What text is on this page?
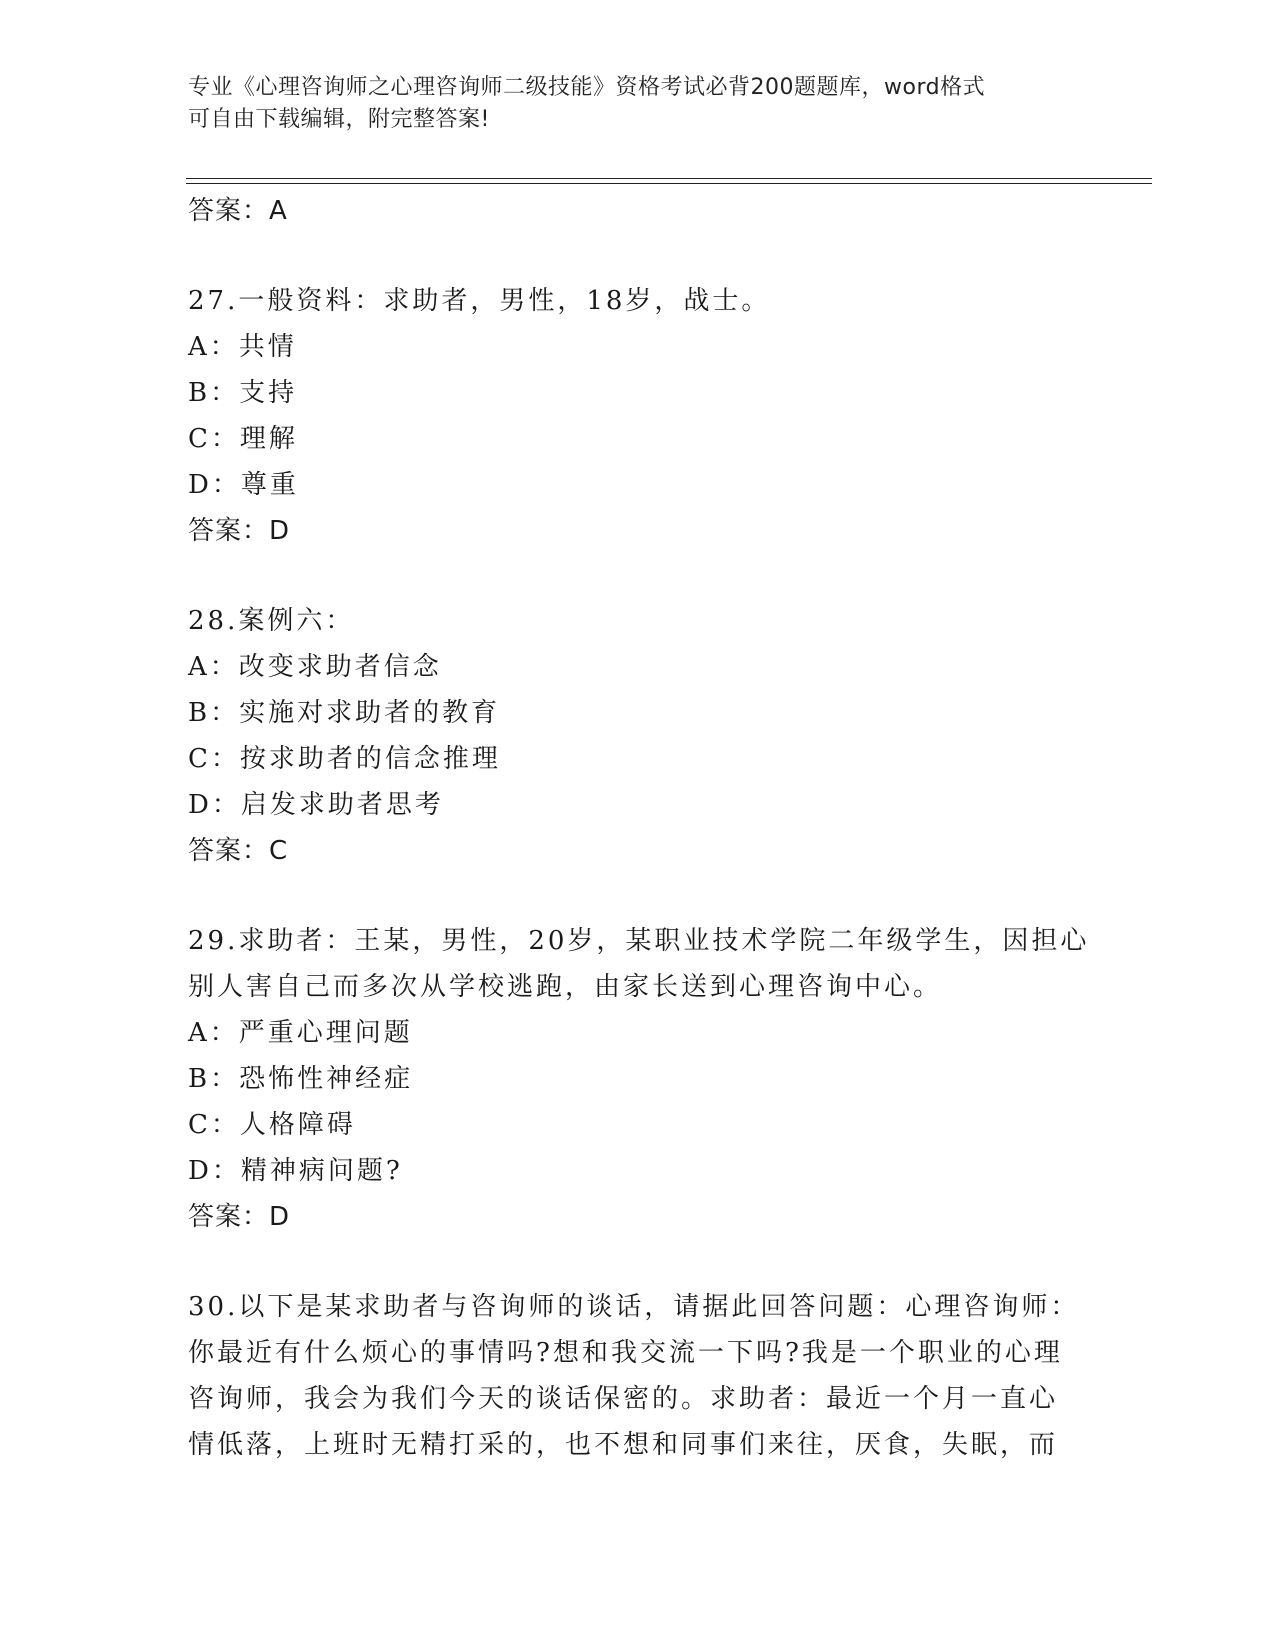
专业《心理咨询师之心理咨询师二级技能》资格考试必背200题题库，word格式
可自由下载编辑，附完整答案!
答案：A
27.一般资料：求助者，男性，18岁，战士。
A：共情
B：支持
C：理解
D：尊重
答案：D
28.案例六：
A：改变求助者信念
B：实施对求助者的教育
C：按求助者的信念推理
D：启发求助者思考
答案：C
29.求助者：王某，男性，20岁，某职业技术学院二年级学生，因担心
别人害自己而多次从学校逃跑，由家长送到心理咨询中心。
A：严重心理问题
B：恐怖性神经症
C：人格障碍
D：精神病问题?
答案：D
30.以下是某求助者与咨询师的谈话，请据此回答问题：心理咨询师：
你最近有什么烦心的事情吗?想和我交流一下吗?我是一个职业的心理
咨询师，我会为我们今天的谈话保密的。求助者：最近一个月一直心
情低落，上班时无精打采的，也不想和同事们来往，厌食，失眠，而
